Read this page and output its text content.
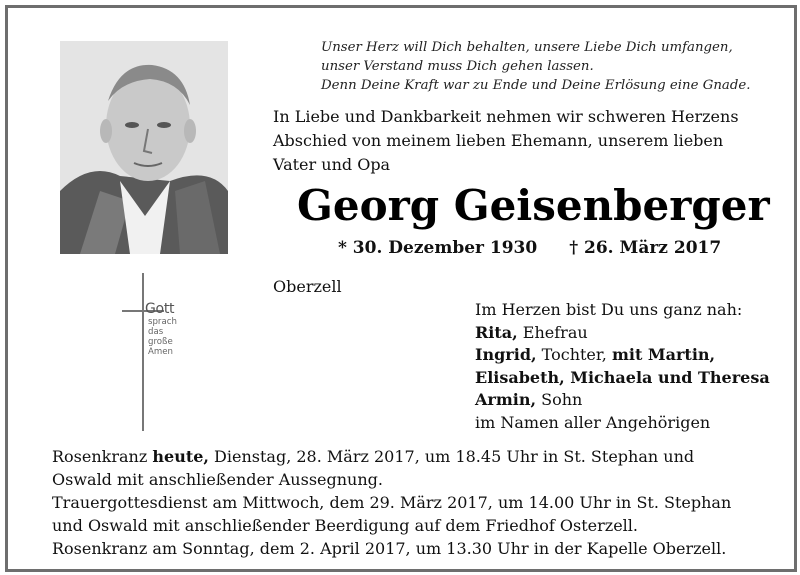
Unser Herz will Dich behalten, unsere Liebe Dich umfangen,
unser Verstand muss Dich gehen lassen.
Denn Deine Kraft war zu Ende und Deine Erlösung eine Gnade.
In Liebe und Dankbarkeit nehmen wir schweren Herzens
Abschied von meinem lieben Ehemann, unserem lieben
Vater und Opa
Georg Geisenberger
* 30. Dezember 1930 † 26. März 2017
Oberzell
Gott
sprach
das
große
Amen
Im Herzen bist Du uns ganz nah:
Rita, Ehefrau
Ingrid, Tochter, mit Martin,
Elisabeth, Michaela und Theresa
Armin, Sohn
im Namen aller Angehörigen
Rosenkranz heute, Dienstag, 28. März 2017, um 18.45 Uhr in St. Stephan und
Oswald mit anschließender Aussegnung.
Trauergottesdienst am Mittwoch, dem 29. März 2017, um 14.00 Uhr in St. Stephan
und Oswald mit anschließender Beerdigung auf dem Friedhof Osterzell.
Rosenkranz am Sonntag, dem 2. April 2017, um 13.30 Uhr in der Kapelle Oberzell.
